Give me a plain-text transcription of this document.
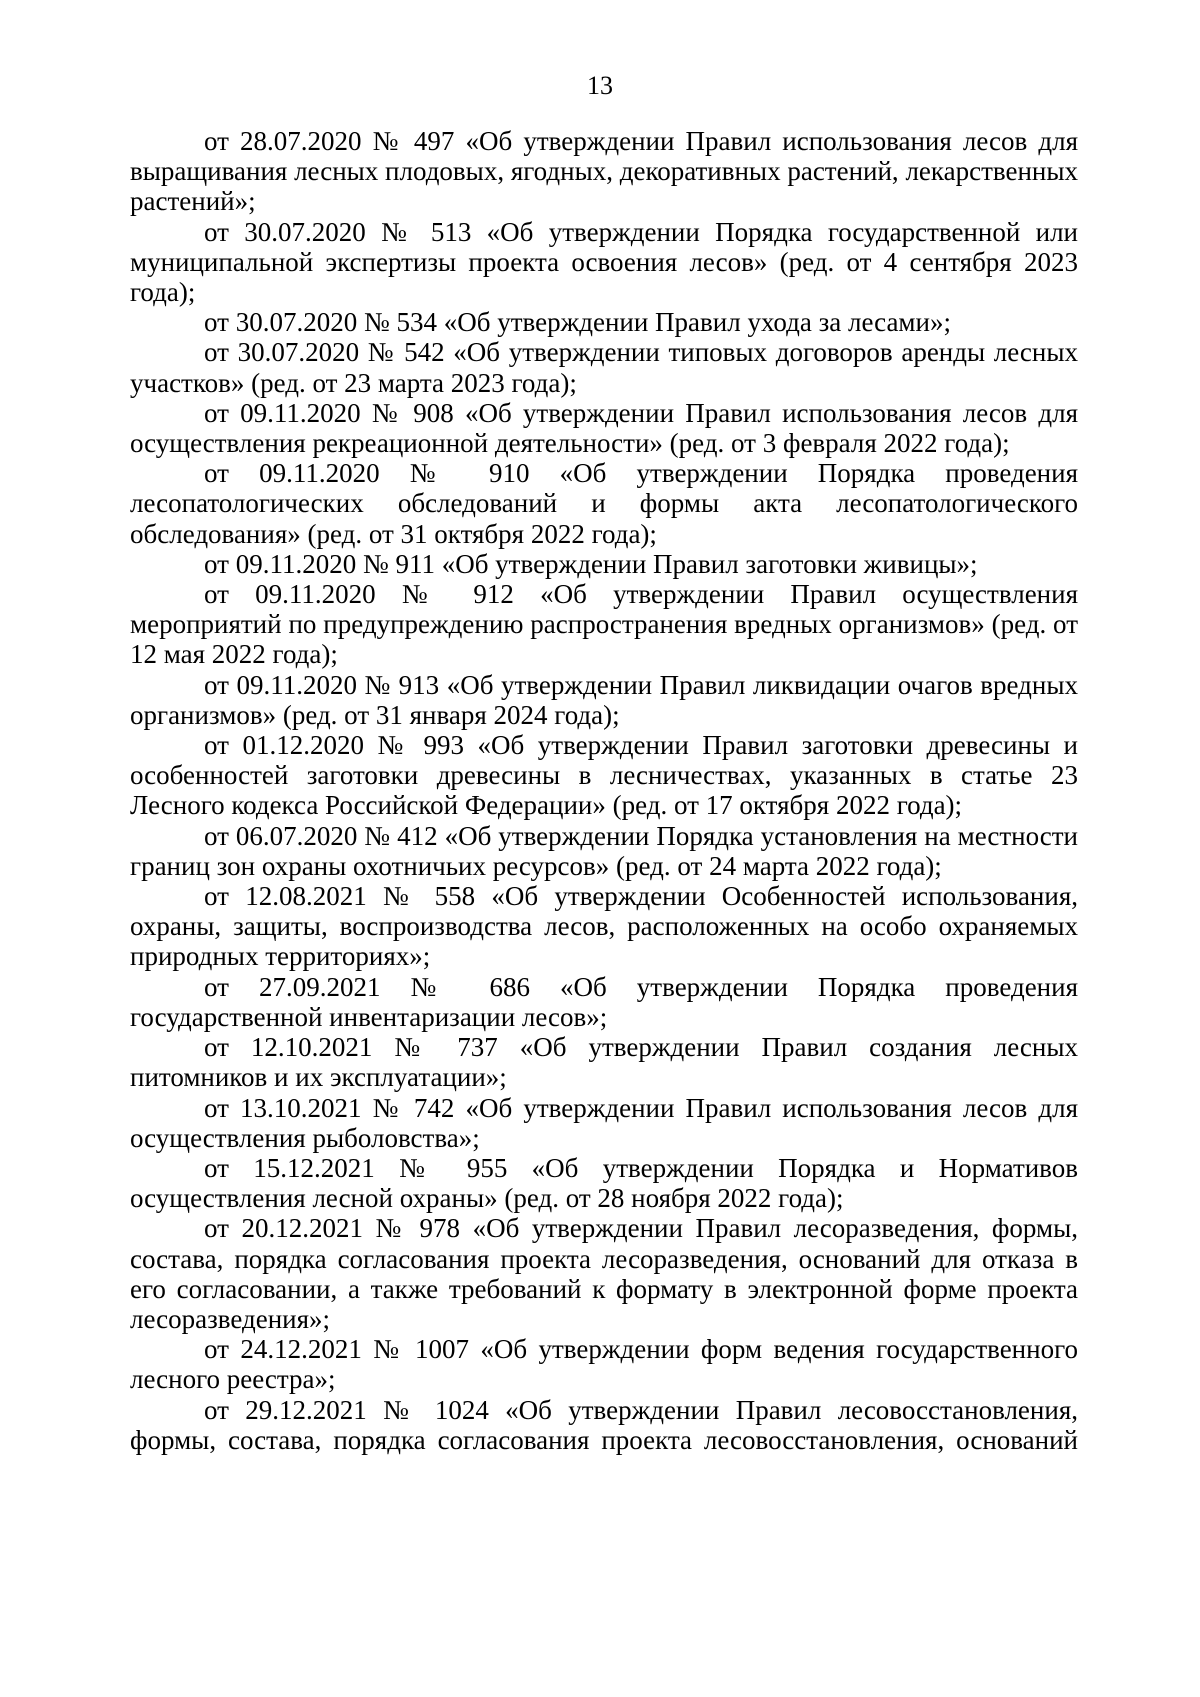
13

от 28.07.2020 № 497 «Об утверждении Правил использования лесов для выращивания лесных плодовых, ягодных, декоративных растений, лекарственных растений»;

от 30.07.2020 № 513 «Об утверждении Порядка государственной или муниципальной экспертизы проекта освоения лесов» (ред. от 4 сентября 2023 года);

от 30.07.2020 № 534 «Об утверждении Правил ухода за лесами»;

от 30.07.2020 № 542 «Об утверждении типовых договоров аренды лесных участков» (ред. от 23 марта 2023 года);

от 09.11.2020 № 908 «Об утверждении Правил использования лесов для осуществления рекреационной деятельности» (ред. от 3 февраля 2022 года);

от 09.11.2020 № 910 «Об утверждении Порядка проведения лесопатологических обследований и формы акта лесопатологического обследования» (ред. от 31 октября 2022 года);

от 09.11.2020 № 911 «Об утверждении Правил заготовки живицы»;

от 09.11.2020 № 912 «Об утверждении Правил осуществления мероприятий по предупреждению распространения вредных организмов» (ред. от 12 мая 2022 года);

от 09.11.2020 № 913 «Об утверждении Правил ликвидации очагов вредных организмов» (ред. от 31 января 2024 года);

от 01.12.2020 № 993 «Об утверждении Правил заготовки древесины и особенностей заготовки древесины в лесничествах, указанных в статье 23 Лесного кодекса Российской Федерации» (ред. от 17 октября 2022 года);

от 06.07.2020 № 412 «Об утверждении Порядка установления на местности границ зон охраны охотничьих ресурсов» (ред. от 24 марта 2022 года);

от 12.08.2021 № 558 «Об утверждении Особенностей использования, охраны, защиты, воспроизводства лесов, расположенных на особо охраняемых природных территориях»;

от 27.09.2021 № 686 «Об утверждении Порядка проведения государственной инвентаризации лесов»;

от 12.10.2021 № 737 «Об утверждении Правил создания лесных питомников и их эксплуатации»;

от 13.10.2021 № 742 «Об утверждении Правил использования лесов для осуществления рыболовства»;

от 15.12.2021 № 955 «Об утверждении Порядка и Нормативов осуществления лесной охраны» (ред. от 28 ноября 2022 года);

от 20.12.2021 № 978 «Об утверждении Правил лесоразведения, формы, состава, порядка согласования проекта лесоразведения, оснований для отказа в его согласовании, а также требований к формату в электронной форме проекта лесоразведения»;

от 24.12.2021 № 1007 «Об утверждении форм ведения государственного лесного реестра»;

от 29.12.2021 № 1024 «Об утверждении Правил лесовосстановления, формы, состава, порядка согласования проекта лесовосстановления, оснований
